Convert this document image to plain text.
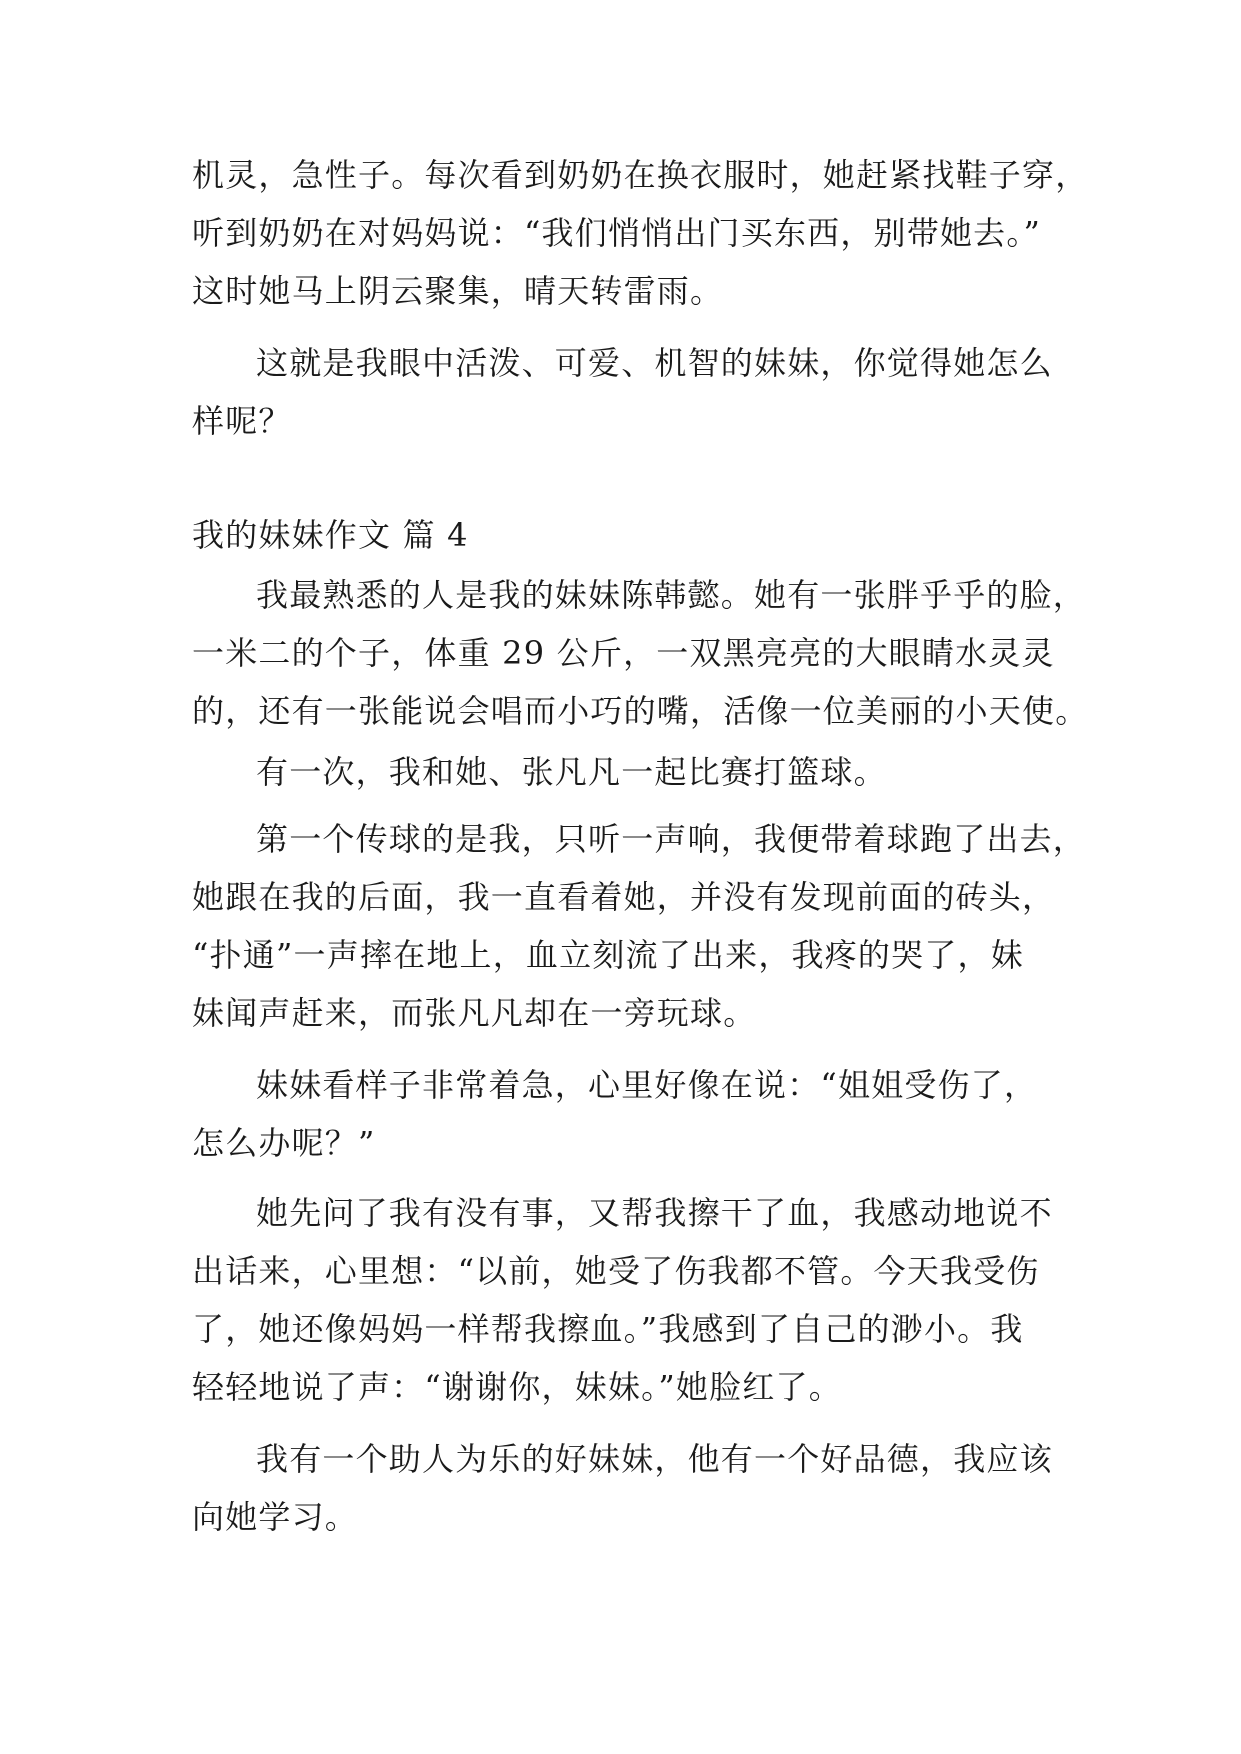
机灵，急性子。每次看到奶奶在换衣服时，她赶紧找鞋子穿，
听到奶奶在对妈妈说：“我们悄悄出门买东西，别带她去。”
这时她马上阴云聚集，晴天转雷雨。
这就是我眼中活泼、可爱、机智的妹妹，你觉得她怎么
样呢？
我的妹妹作文 篇 4
我最熟悉的人是我的妹妹陈韩懿。她有一张胖乎乎的脸，
一米二的个子，体重 29 公斤，一双黑亮亮的大眼睛水灵灵
的，还有一张能说会唱而小巧的嘴，活像一位美丽的小天使。
有一次，我和她、张凡凡一起比赛打篮球。
第一个传球的是我，只听一声响，我便带着球跑了出去，
她跟在我的后面，我一直看着她，并没有发现前面的砖头，
“扑通”一声摔在地上，血立刻流了出来，我疼的哭了，妹
妹闻声赶来，而张凡凡却在一旁玩球。
妹妹看样子非常着急，心里好像在说：“姐姐受伤了，
怎么办呢？”
她先问了我有没有事，又帮我擦干了血，我感动地说不
出话来，心里想：“以前，她受了伤我都不管。今天我受伤
了，她还像妈妈一样帮我擦血。”我感到了自己的渺小。我
轻轻地说了声：“谢谢你，妹妹。”她脸红了。
我有一个助人为乐的好妹妹，他有一个好品德，我应该
向她学习。
